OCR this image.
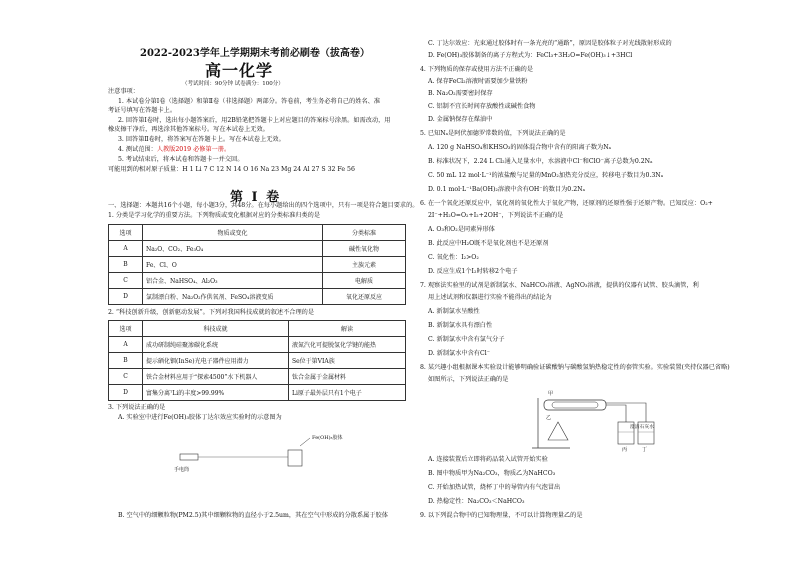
2022-2023学年上学期期末考前必刷卷（拔高卷）
高一化学
（考试时间：90分钟 试卷满分：100分）
注意事项：
1. 本试卷分第Ⅰ卷（选择题）和第Ⅱ卷（非选择题）两部分。答卷前，考生务必将自己的姓名、准
考证号填写在答题卡上。
2. 回答第Ⅰ卷时，选出每小题答案后，用2B铅笔把答题卡上对应题目的答案标号涂黑。如需改动，用
橡皮擦干净后，再选涂其他答案标号。写在本试卷上无效。
3. 回答第Ⅱ卷时，将答案写在答题卡上。写在本试卷上无效。
4. 测试范围：人教版2019 必修第一册。
5. 考试结束后，将本试卷和答题卡一并交回。
可能用到的相对原子质量：H 1 Li 7 C 12 N 14 O 16 Na 23 Mg 24 Al 27 S 32 Fe 56
第 I 卷
一、选择题：本题共16个小题，每小题3分，共48分。在每小题给出的四个选项中，只有一项是符合题目要求的。
1. 分类是学习化学的重要方法。下列物质或变化根据对应的分类标准归类的是
选项	物质或变化	分类标准
A	Na₂O、CO₂、Fe₃O₄	碱性氧化物
B	Fe、Cl、O	主族元素
C	铝合金、NaHSO₄、Al₂O₃	电解质
D	氯制漂白粉、Na₂O₂作供氧剂、FeSO₄溶液变质	氧化还原反应
2. “科技创新升级，创新驱动发展”。下列对我国科技成就的叙述不合理的是
选项	科技成就	解读
A	成功研制纯硅聚渗碳化系统	液氮汽化可提脱氢化学键的能热
B	提示硒化铟(InSe)光电子器件应用潜力	Se位于第VIA族
C	铁合金材料应用于“探索4500”水下机器人	钛合金属于金属材料
D	富集分离⁷Li的丰度>99.99%	Li原子最外层只有1个电子
3. 下列说法正确的是
A. 实验室中进行Fe(OH)₃胶体丁达尔效应实验时的示意图为
手电筒
Fe(OH)₃胶体
B. 空气中的细颗粒物(PM2.5)其中细颗粒物的直径小于2.5um，其在空气中形成的分散系属于胶体
C. 丁达尔效应：光束通过胶体时有一条光亮的“通路”，原因是胶体粒子对光线散射形成的
D. Fe(OH)₃胶体制备的离子方程式为：FeCl₃+3H₂O=Fe(OH)₃↓+3HCl
4. 下列物质的保存或使用方法不正确的是
A. 保存FeCl₂溶液时需要加少量铁粉
B. Na₂O₂需要密封保存
C. 铝制不宜长时间存放酸性或碱性食物
D. 金属钠保存在煤油中
5. 已知Nₐ是阿伏加德罗常数的值，下列说法正确的是
A. 120 g NaHSO₄和KHSO₃的固体混合物中含有的阳离子数为Nₐ
B. 标准状况下，2.24 L Cl₂通入足量水中，水溶液中Cl⁻和ClO⁻离子总数为0.2Nₐ
C. 50 mL 12 mol·L⁻¹的浓盐酸与足量的MnO₂加热充分反应，转移电子数目为0.3Nₐ
D. 0.1 mol·L⁻¹Ba(OH)₂溶液中含有OH⁻的数目为0.2Nₐ
6. 在一个氧化还原反应中，氧化剂的氧化性大于氧化产物，还原剂的还原性强于还原产物。已知反应：O₂+
2I⁻+H₂O=O₂+I₂+2OH⁻，下列说法不正确的是
A. O₃和O₂是同素异形体
B. 此反应中H₂O既不是氧化剂也不是还原剂
C. 氧化性：I₂>O₂
D. 反应生成1个I₂时转移2个电子
7. 观察法实验里的试剂是新制氯水、NaHCO₃溶液、AgNO₃溶液，提供的仪器有试管、胶头滴管，利
用上述试剂和仪器进行实验不能得出的结论为
A. 新制氯水呈酸性
B. 新制氯水具有漂白性
C. 新制氯水中含有氯气分子
D. 新制氯水中含有Cl⁻
8. 某兴趣小组根据课本实验设计能够明确验证碳酸钠与碳酸氢钠热稳定性的套管实验。实验装置(夹持仪器已省略)
如图所示，下列说法正确的是
甲
乙
丙	丁
澄清石灰水
A. 连接装置后立即将药品装入试管开始实验
B. 图中物质甲为Na₂CO₃，物质乙为NaHCO₃
C. 开始加热试管，烧杯丁中的导管内有气泡冒出
D. 热稳定性：Na₂CO₃＜NaHCO₃
9. 以下列混合物中的已知物理量，不可以计算物理量乙的是
